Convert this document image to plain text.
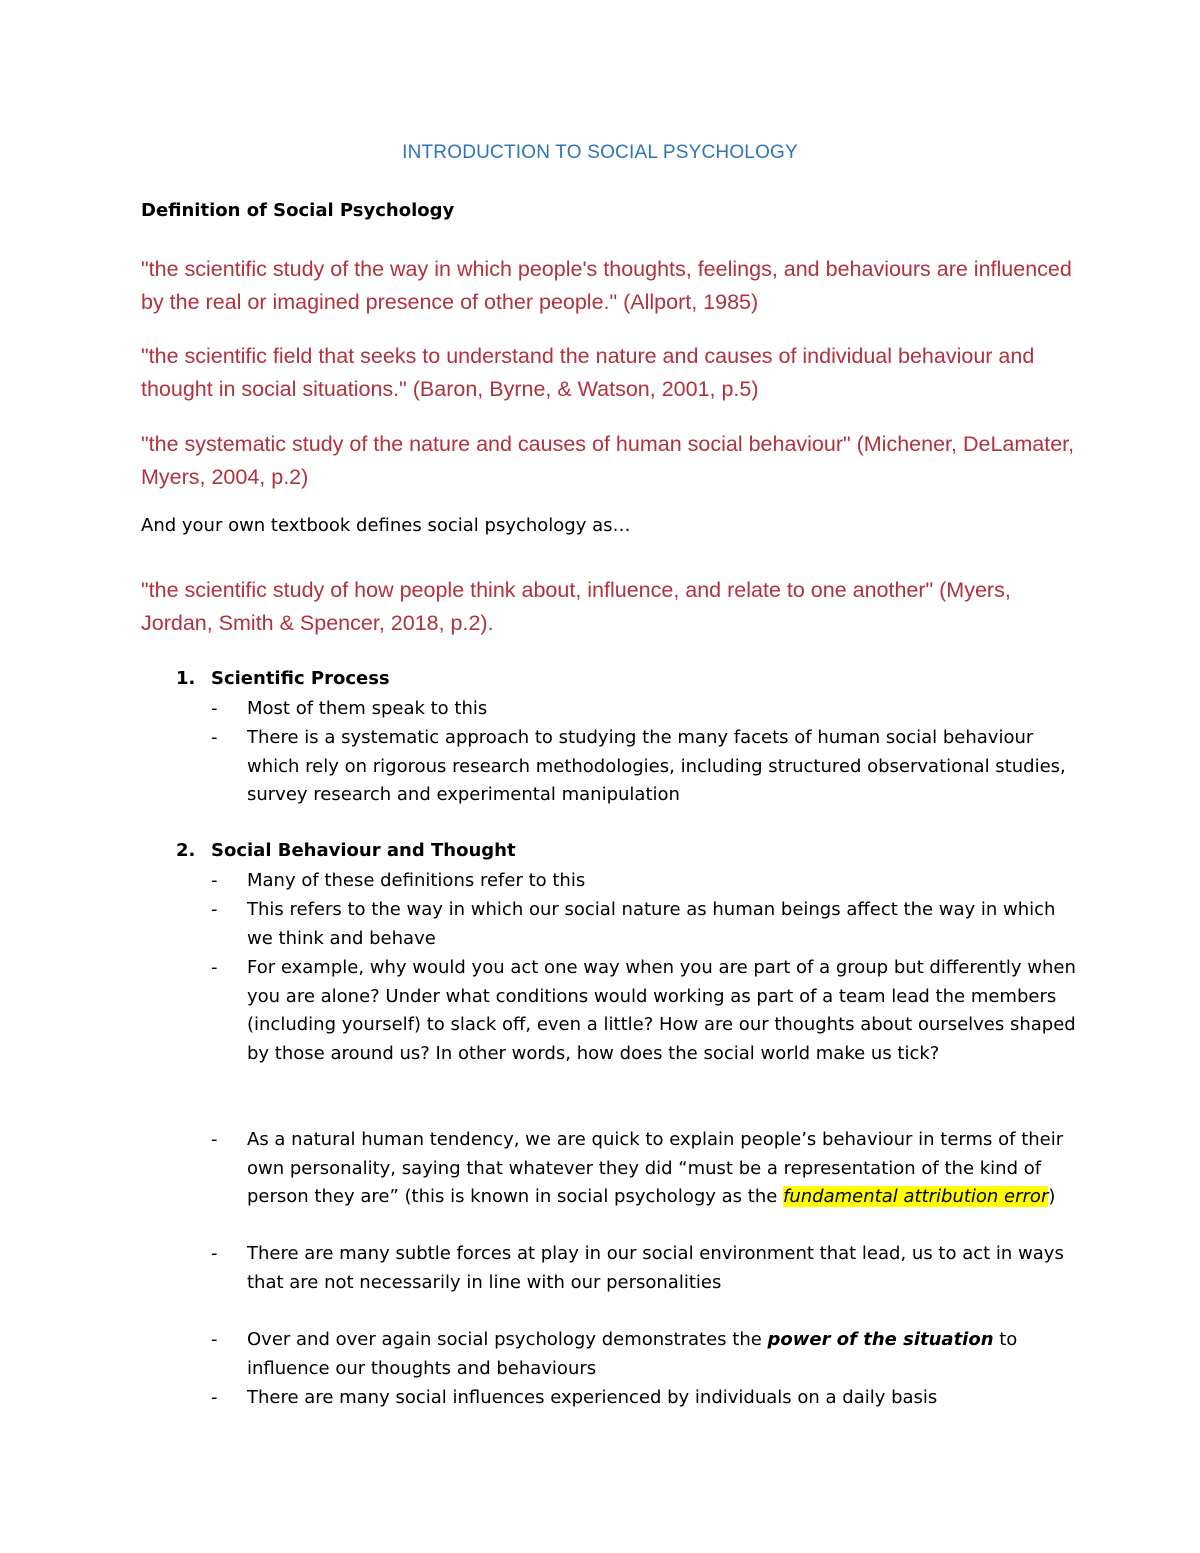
INTRODUCTION TO SOCIAL PSYCHOLOGY
Definition of Social Psychology
"the scientific study of the way in which people's thoughts, feelings, and behaviours are influenced by the real or imagined presence of other people." (Allport, 1985)
"the scientific field that seeks to understand the nature and causes of individual behaviour and thought in social situations." (Baron, Byrne, & Watson, 2001, p.5)
"the systematic study of the nature and causes of human social behaviour" (Michener, DeLamater, Myers, 2004, p.2)
And your own textbook defines social psychology as…
"the scientific study of how people think about, influence, and relate to one another" (Myers, Jordan, Smith & Spencer, 2018, p.2).
1. Scientific Process
- Most of them speak to this
- There is a systematic approach to studying the many facets of human social behaviour which rely on rigorous research methodologies, including structured observational studies, survey research and experimental manipulation
2. Social Behaviour and Thought
- Many of these definitions refer to this
- This refers to the way in which our social nature as human beings affect the way in which we think and behave
- For example, why would you act one way when you are part of a group but differently when you are alone? Under what conditions would working as part of a team lead the members (including yourself) to slack off, even a little? How are our thoughts about ourselves shaped by those around us? In other words, how does the social world make us tick?
- As a natural human tendency, we are quick to explain people’s behaviour in terms of their own personality, saying that whatever they did “must be a representation of the kind of person they are” (this is known in social psychology as the fundamental attribution error)
- There are many subtle forces at play in our social environment that lead, us to act in ways that are not necessarily in line with our personalities
- Over and over again social psychology demonstrates the power of the situation to influence our thoughts and behaviours
- There are many social influences experienced by individuals on a daily basis
